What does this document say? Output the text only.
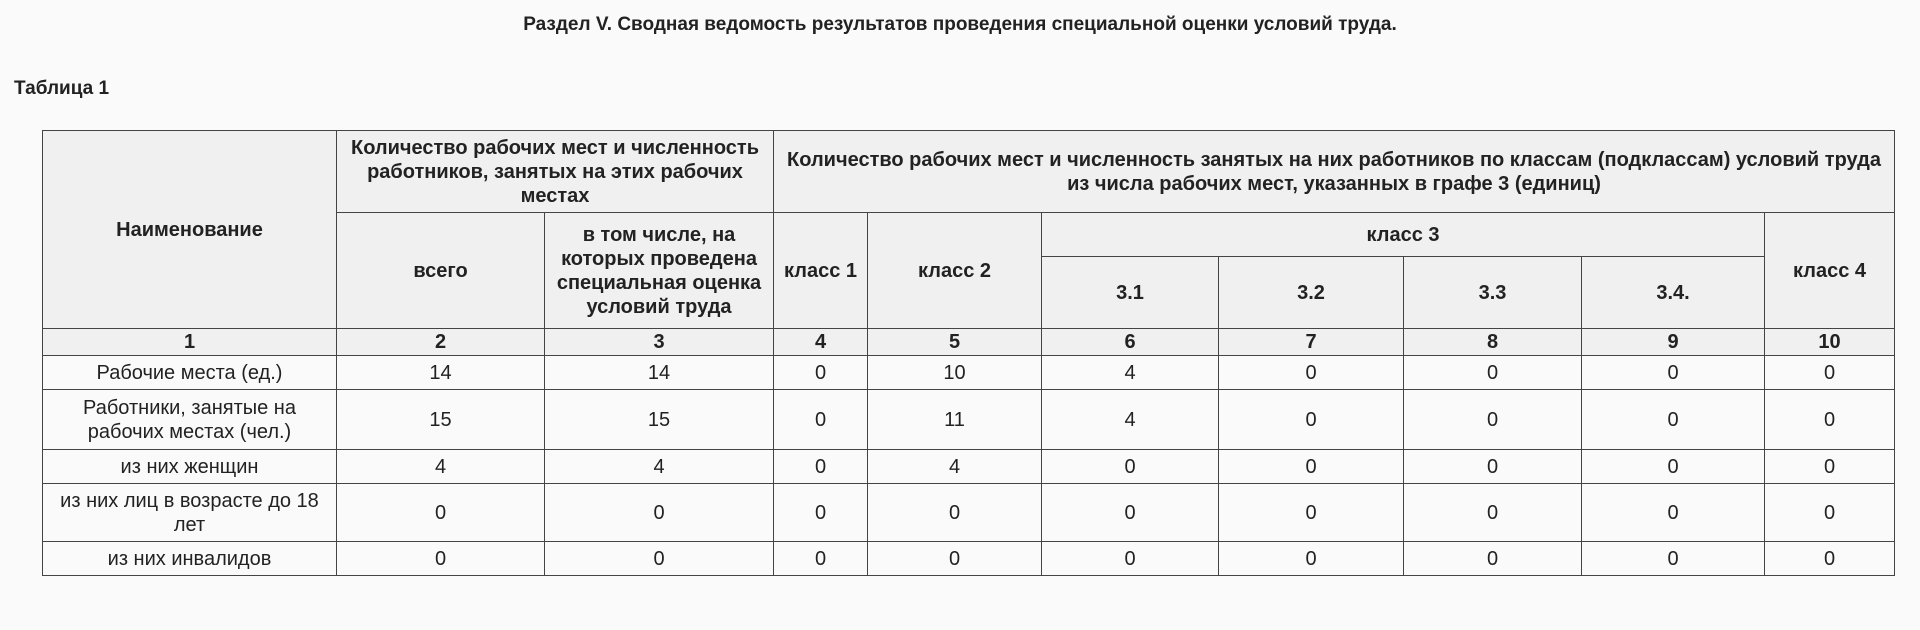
Раздел V. Сводная ведомость результатов проведения специальной оценки условий труда.
Таблица 1
Наименование	Количество рабочих мест и численность работников, занятых на этих рабочих местах		Количество рабочих мест и численность занятых на них работников по классам (подклассам) условий труда из числа рабочих мест, указанных в графе 3 (единиц)						
	всего	в том числе, на которых проведена специальная оценка условий труда	класс 1	класс 2	класс 3				класс 4
					3.1	3.2	3.3	3.4.	
1	2	3	4	5	6	7	8	9	10
Рабочие места (ед.)	14	14	0	10	4	0	0	0	0
Работники, занятые на рабочих местах (чел.)	15	15	0	11	4	0	0	0	0
из них женщин	4	4	0	4	0	0	0	0	0
из них лиц в возрасте до 18 лет	0	0	0	0	0	0	0	0	0
из них инвалидов	0	0	0	0	0	0	0	0	0
